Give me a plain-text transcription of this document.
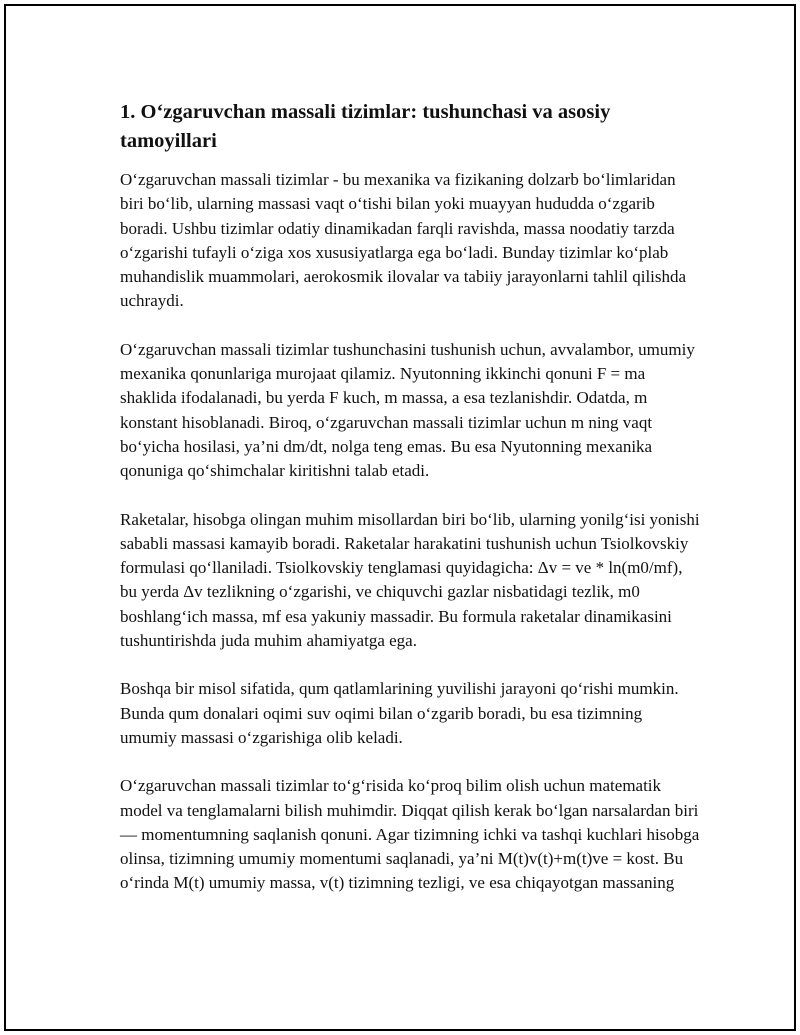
1. O‘zgaruvchan massali tizimlar: tushunchasi va asosiy tamoyillari

O‘zgaruvchan massali tizimlar - bu mexanika va fizikaning dolzarb bo‘limlaridan biri bo‘lib, ularning massasi vaqt o‘tishi bilan yoki muayyan hududda o‘zgarib boradi. Ushbu tizimlar odatiy dinamikadan farqli ravishda, massa noodatiy tarzda o‘zgarishi tufayli o‘ziga xos xususiyatlarga ega bo‘ladi. Bunday tizimlar ko‘plab muhandislik muammolari, aerokosmik ilovalar va tabiiy jarayonlarni tahlil qilishda uchraydi.

O‘zgaruvchan massali tizimlar tushunchasini tushunish uchun, avvalambor, umumiy mexanika qonunlariga murojaat qilamiz. Nyutonning ikkinchi qonuni F = ma shaklida ifodalanadi, bu yerda F kuch, m massa, a esa tezlanishdir. Odatda, m konstant hisoblanadi. Biroq, o‘zgaruvchan massali tizimlar uchun m ning vaqt bo‘yicha hosilasi, ya’ni dm/dt, nolga teng emas. Bu esa Nyutonning mexanika qonuniga qo‘shimchalar kiritishni talab etadi.

Raketalar, hisobga olingan muhim misollardan biri bo‘lib, ularning yonilg‘isi yonishi sababli massasi kamayib boradi. Raketalar harakatini tushunish uchun Tsiolkovskiy formulasi qo‘llaniladi. Tsiolkovskiy tenglamasi quyidagicha: Δv = ve * ln(m0/mf), bu yerda Δv tezlikning o‘zgarishi, ve chiquvchi gazlar nisbatidagi tezlik, m0 boshlang‘ich massa, mf esa yakuniy massadir. Bu formula raketalar dinamikasini tushuntirishda juda muhim ahamiyatga ega.

Boshqa bir misol sifatida, qum qatlamlarining yuvilishi jarayoni qo‘rishi mumkin. Bunda qum donalari oqimi suv oqimi bilan o‘zgarib boradi, bu esa tizimning umumiy massasi o‘zgarishiga olib keladi.

O‘zgaruvchan massali tizimlar to‘g‘risida ko‘proq bilim olish uchun matematik model va tenglamalarni bilish muhimdir. Diqqat qilish kerak bo‘lgan narsalardan biri — momentumning saqlanish qonuni. Agar tizimning ichki va tashqi kuchlari hisobga olinsa, tizimning umumiy momentumi saqlanadi, ya’ni M(t)v(t)+m(t)ve = kost. Bu o‘rinda M(t) umumiy massa, v(t) tizimning tezligi, ve esa chiqayotgan massaning
